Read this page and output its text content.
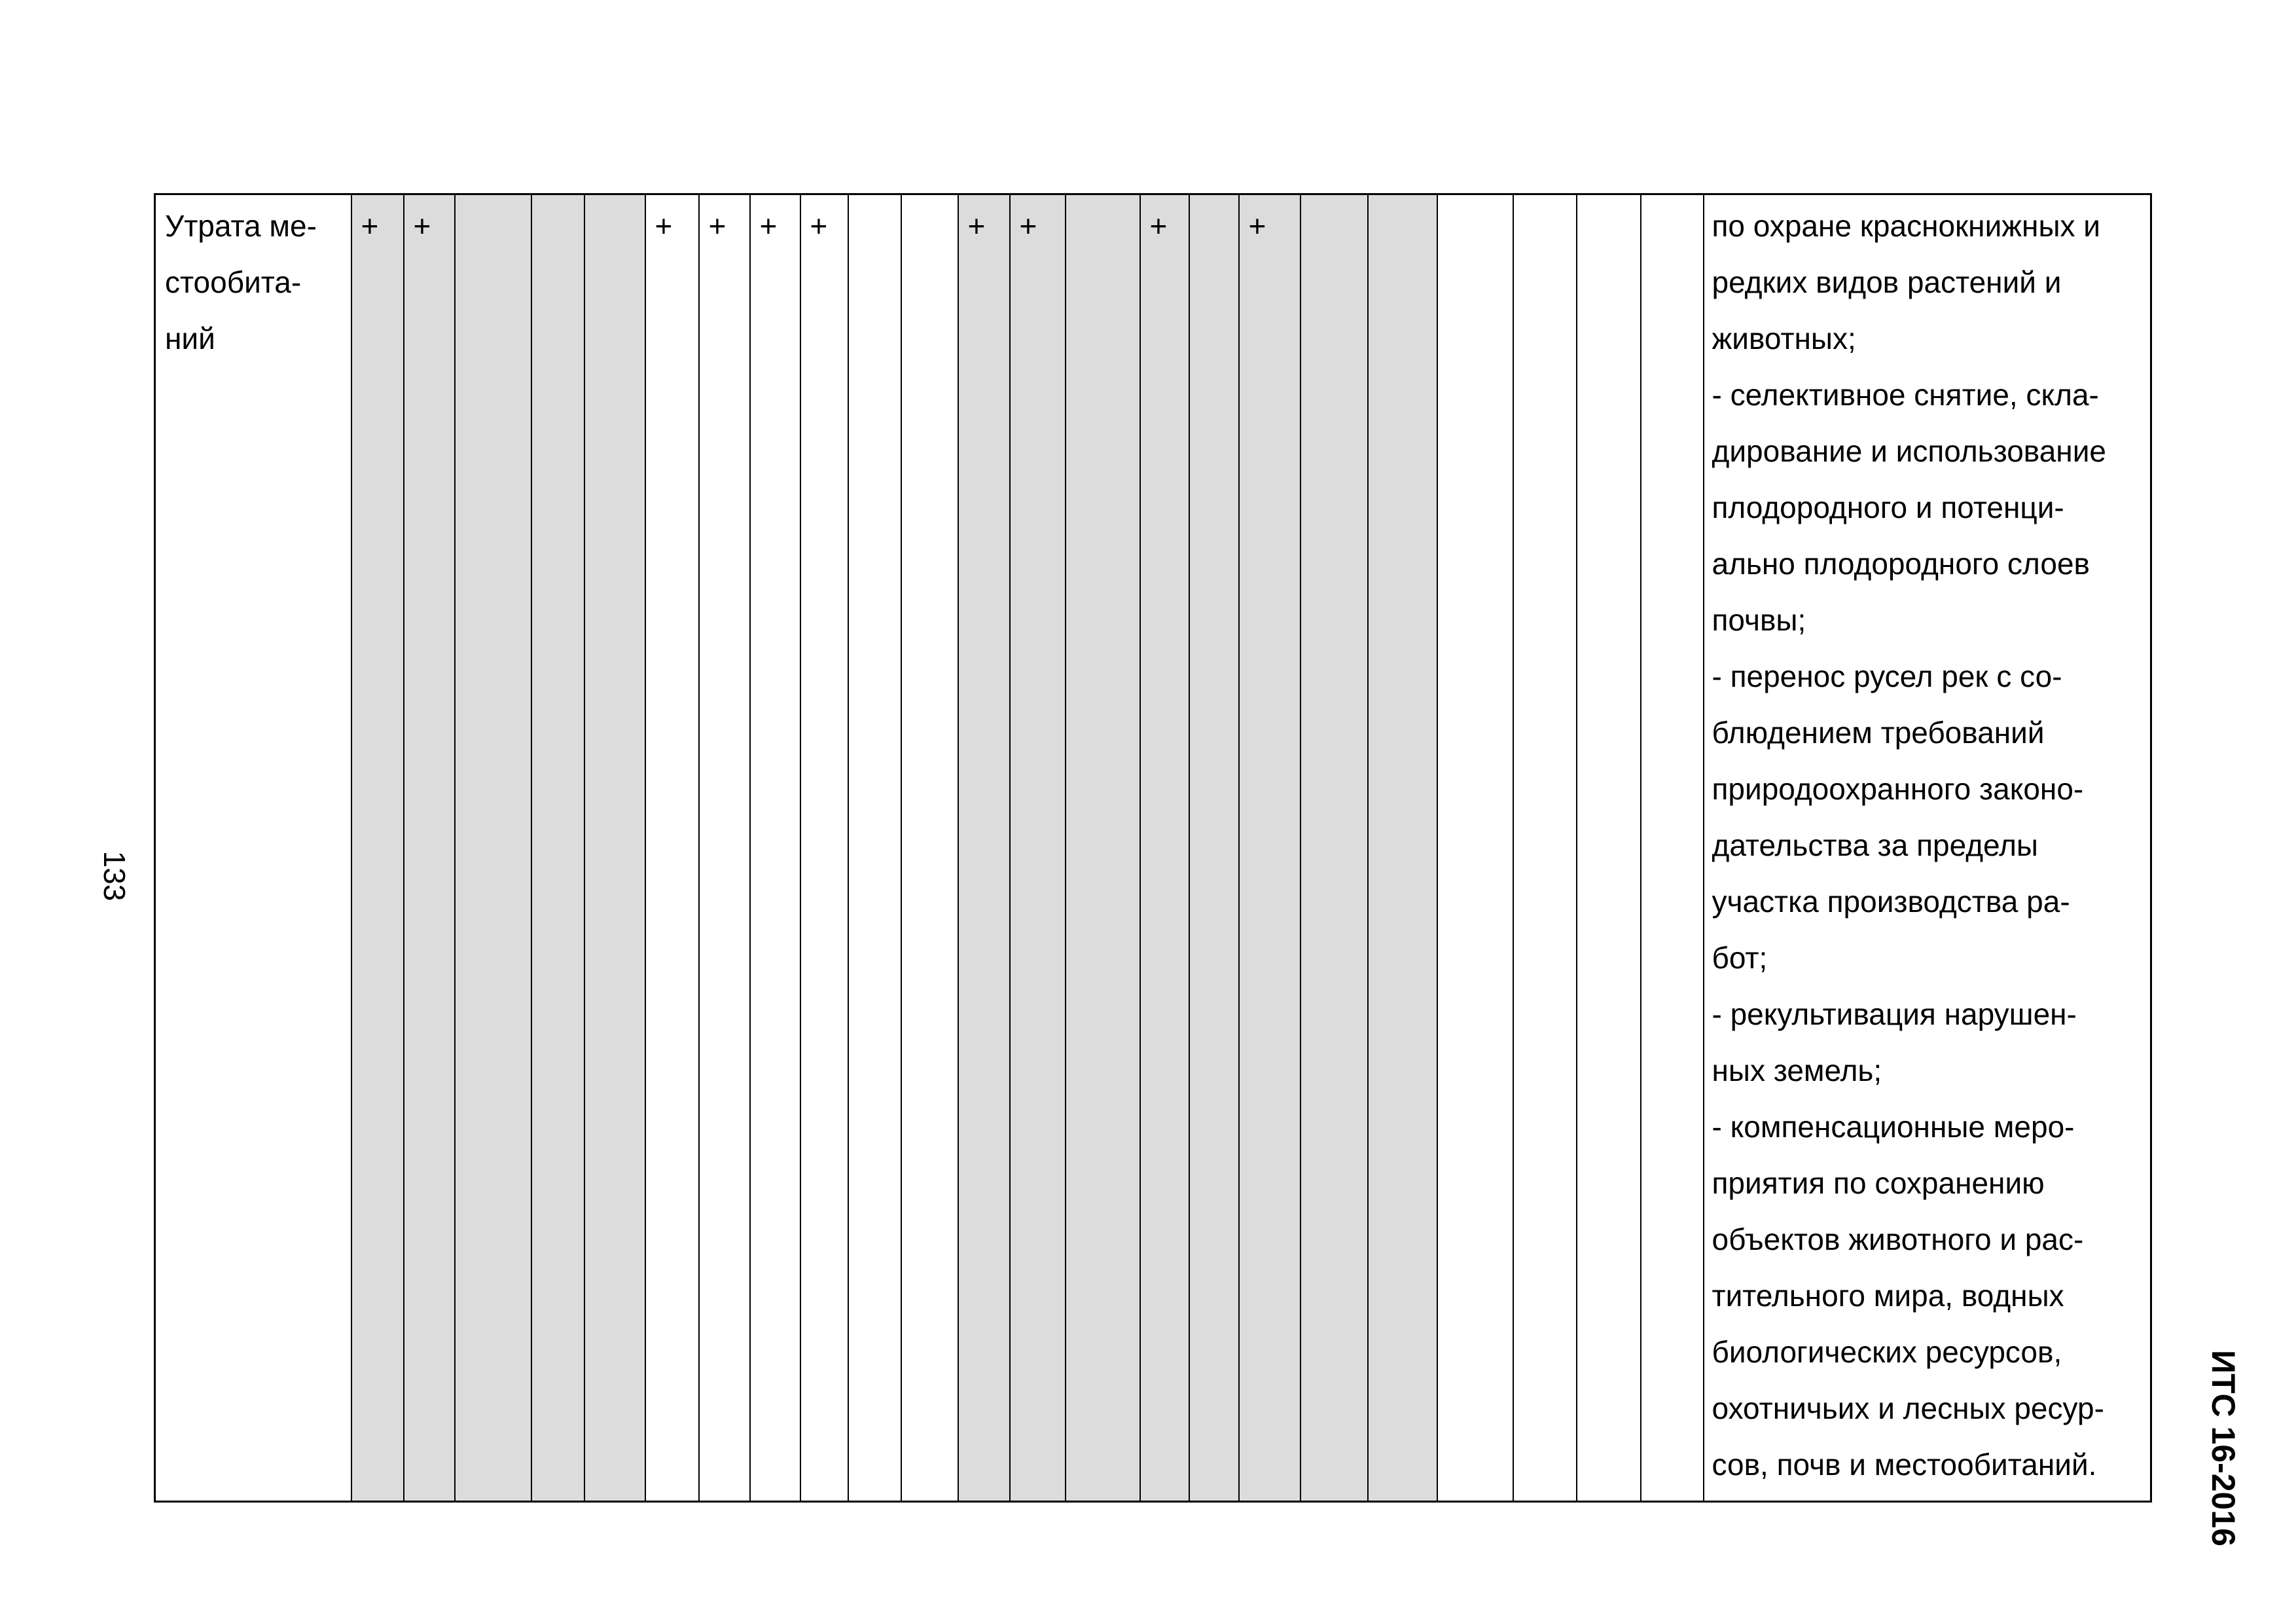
133
ИТС 16-2016
Утрата ме-
стообита-
ний
	+	+				+	+	+	+			+	+		+		+							по охране краснокнижных и
редких видов растений и
животных;
- селективное снятие, скла-
дирование и использование
плодородного и потенци-
ально плодородного слоев
почвы;
- перенос русел рек с со-
блюдением требований
природоохранного законо-
дательства за пределы
участка производства ра-
бот;
- рекультивация нарушен-
ных земель;
- компенсационные меро-
приятия по сохранению
объектов животного и рас-
тительного мира, водных
биологических ресурсов,
охотничьих и лесных ресур-
сов, почв и местообитаний.
